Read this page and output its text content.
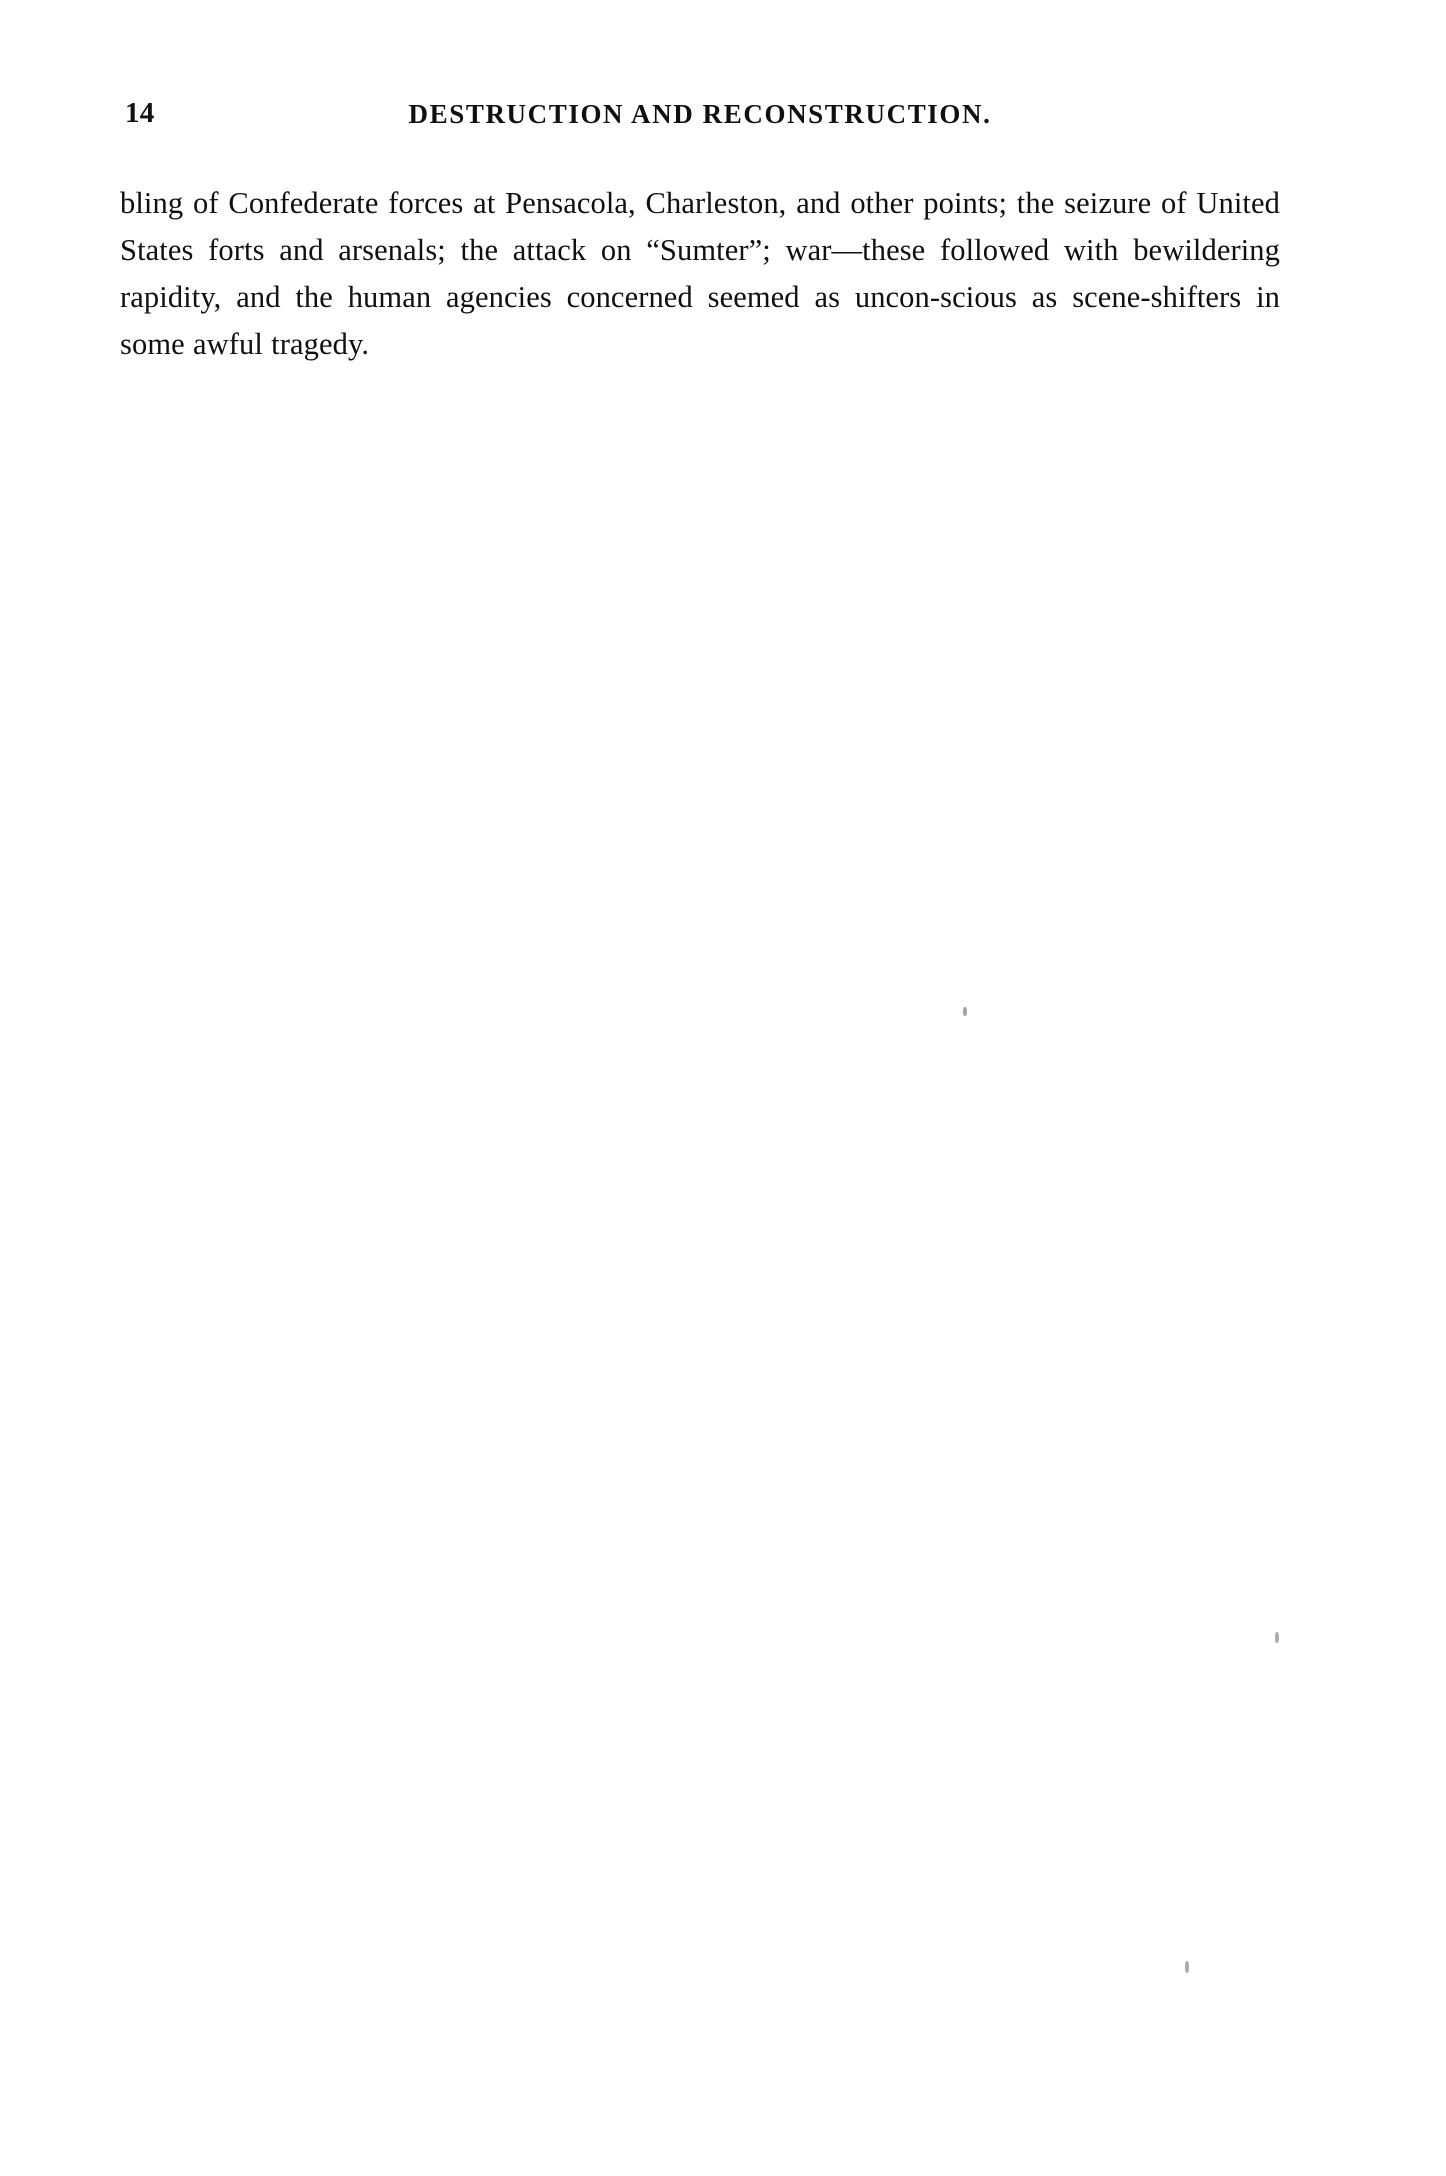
14	DESTRUCTION AND RECONSTRUCTION.

bling of Confederate forces at Pensacola, Charleston, and other points; the seizure of United States forts and arsenals; the attack on “Sumter”; war—these followed with bewildering rapidity, and the human agencies concerned seemed as uncon-scious as scene-shifters in some awful tragedy.
